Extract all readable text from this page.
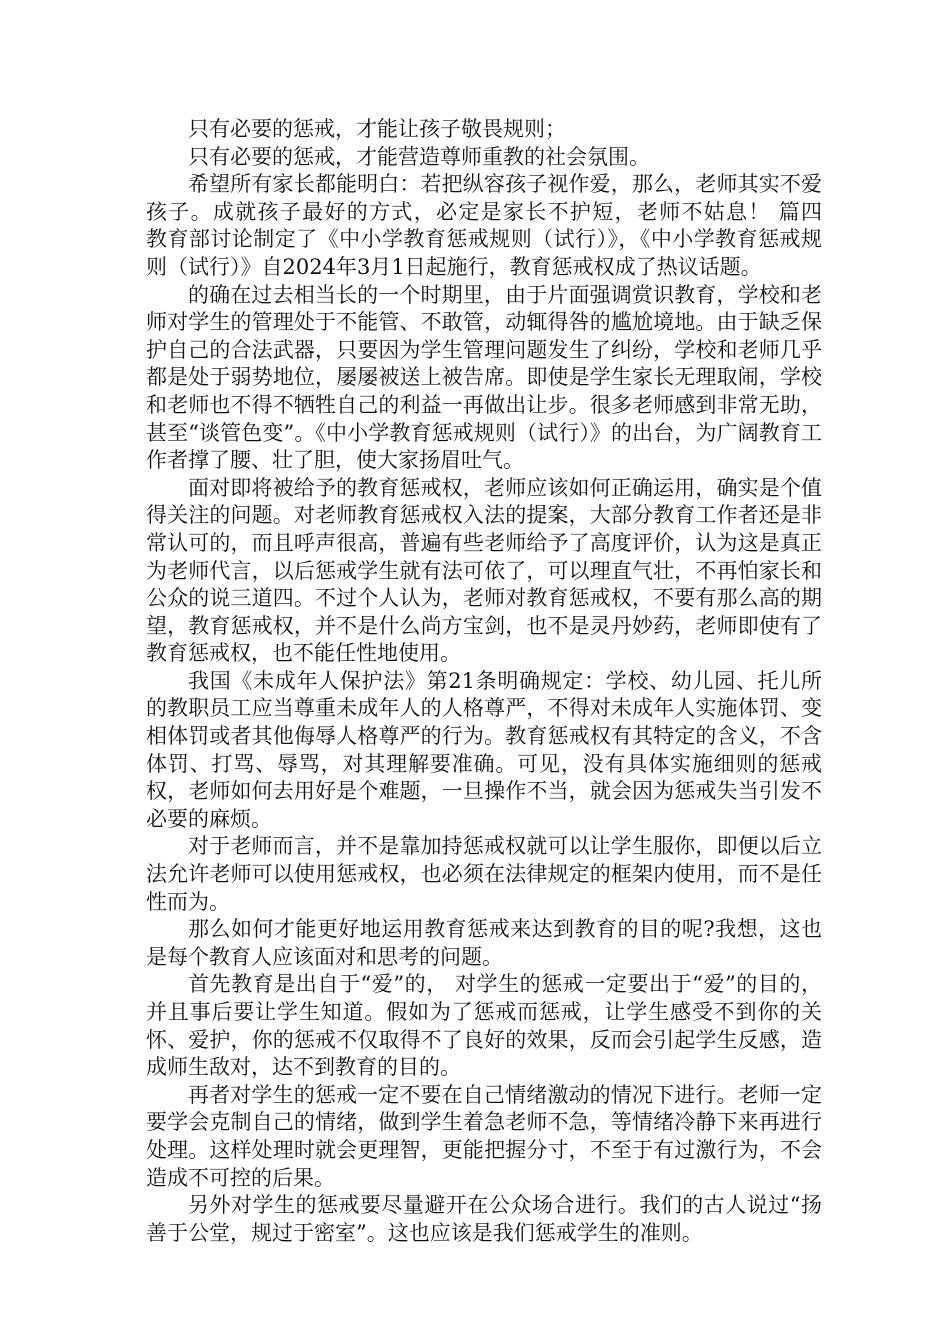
只有必要的惩戒，才能让孩子敬畏规则；

只有必要的惩戒，才能营造尊师重教的社会氛围。

希望所有家长都能明白：若把纵容孩子视作爱，那么，老师其实不爱孩子。成就孩子最好的方式，必定是家长不护短，老师不姑息！ 篇四　　教育部讨论制定了《中小学教育惩戒规则（试行）》，《中小学教育惩戒规则（试行）》自2024年3月1日起施行，教育惩戒权成了热议话题。

的确在过去相当长的一个时期里，由于片面强调赏识教育，学校和老师对学生的管理处于不能管、不敢管，动辄得咎的尴尬境地。由于缺乏保护自己的合法武器，只要因为学生管理问题发生了纠纷，学校和老师几乎都是处于弱势地位，屡屡被送上被告席。即使是学生家长无理取闹，学校和老师也不得不牺牲自己的利益一再做出让步。很多老师感到非常无助，甚至“谈管色变”。《中小学教育惩戒规则（试行）》的出台，为广阔教育工作者撑了腰、壮了胆，使大家扬眉吐气。

面对即将被给予的教育惩戒权，老师应该如何正确运用，确实是个值得关注的问题。对老师教育惩戒权入法的提案，大部分教育工作者还是非常认可的，而且呼声很高，普遍有些老师给予了高度评价，认为这是真正为老师代言，以后惩戒学生就有法可依了，可以理直气壮，不再怕家长和公众的说三道四。不过个人认为，老师对教育惩戒权，不要有那么高的期望，教育惩戒权，并不是什么尚方宝剑，也不是灵丹妙药，老师即使有了教育惩戒权，也不能任性地使用。

我国《未成年人保护法》第21条明确规定：学校、幼儿园、托儿所的教职员工应当尊重未成年人的人格尊严，不得对未成年人实施体罚、变相体罚或者其他侮辱人格尊严的行为。教育惩戒权有其特定的含义，不含体罚、打骂、辱骂，对其理解要准确。可见，没有具体实施细则的惩戒权，老师如何去用好是个难题，一旦操作不当，就会因为惩戒失当引发不必要的麻烦。

对于老师而言，并不是靠加持惩戒权就可以让学生服你，即便以后立法允许老师可以使用惩戒权，也必须在法律规定的框架内使用，而不是任性而为。

那么如何才能更好地运用教育惩戒来达到教育的目的呢?我想，这也是每个教育人应该面对和思考的问题。

首先教育是出自于“爱”的， 对学生的惩戒一定要出于“爱”的目的，并且事后要让学生知道。假如为了惩戒而惩戒，让学生感受不到你的关怀、爱护，你的惩戒不仅取得不了良好的效果，反而会引起学生反感，造成师生敌对，达不到教育的目的。

再者对学生的惩戒一定不要在自己情绪激动的情况下进行。老师一定要学会克制自己的情绪，做到学生着急老师不急，等情绪冷静下来再进行处理。这样处理时就会更理智，更能把握分寸，不至于有过激行为，不会造成不可控的后果。

另外对学生的惩戒要尽量避开在公众场合进行。我们的古人说过“扬善于公堂，规过于密室”。这也应该是我们惩戒学生的准则。
